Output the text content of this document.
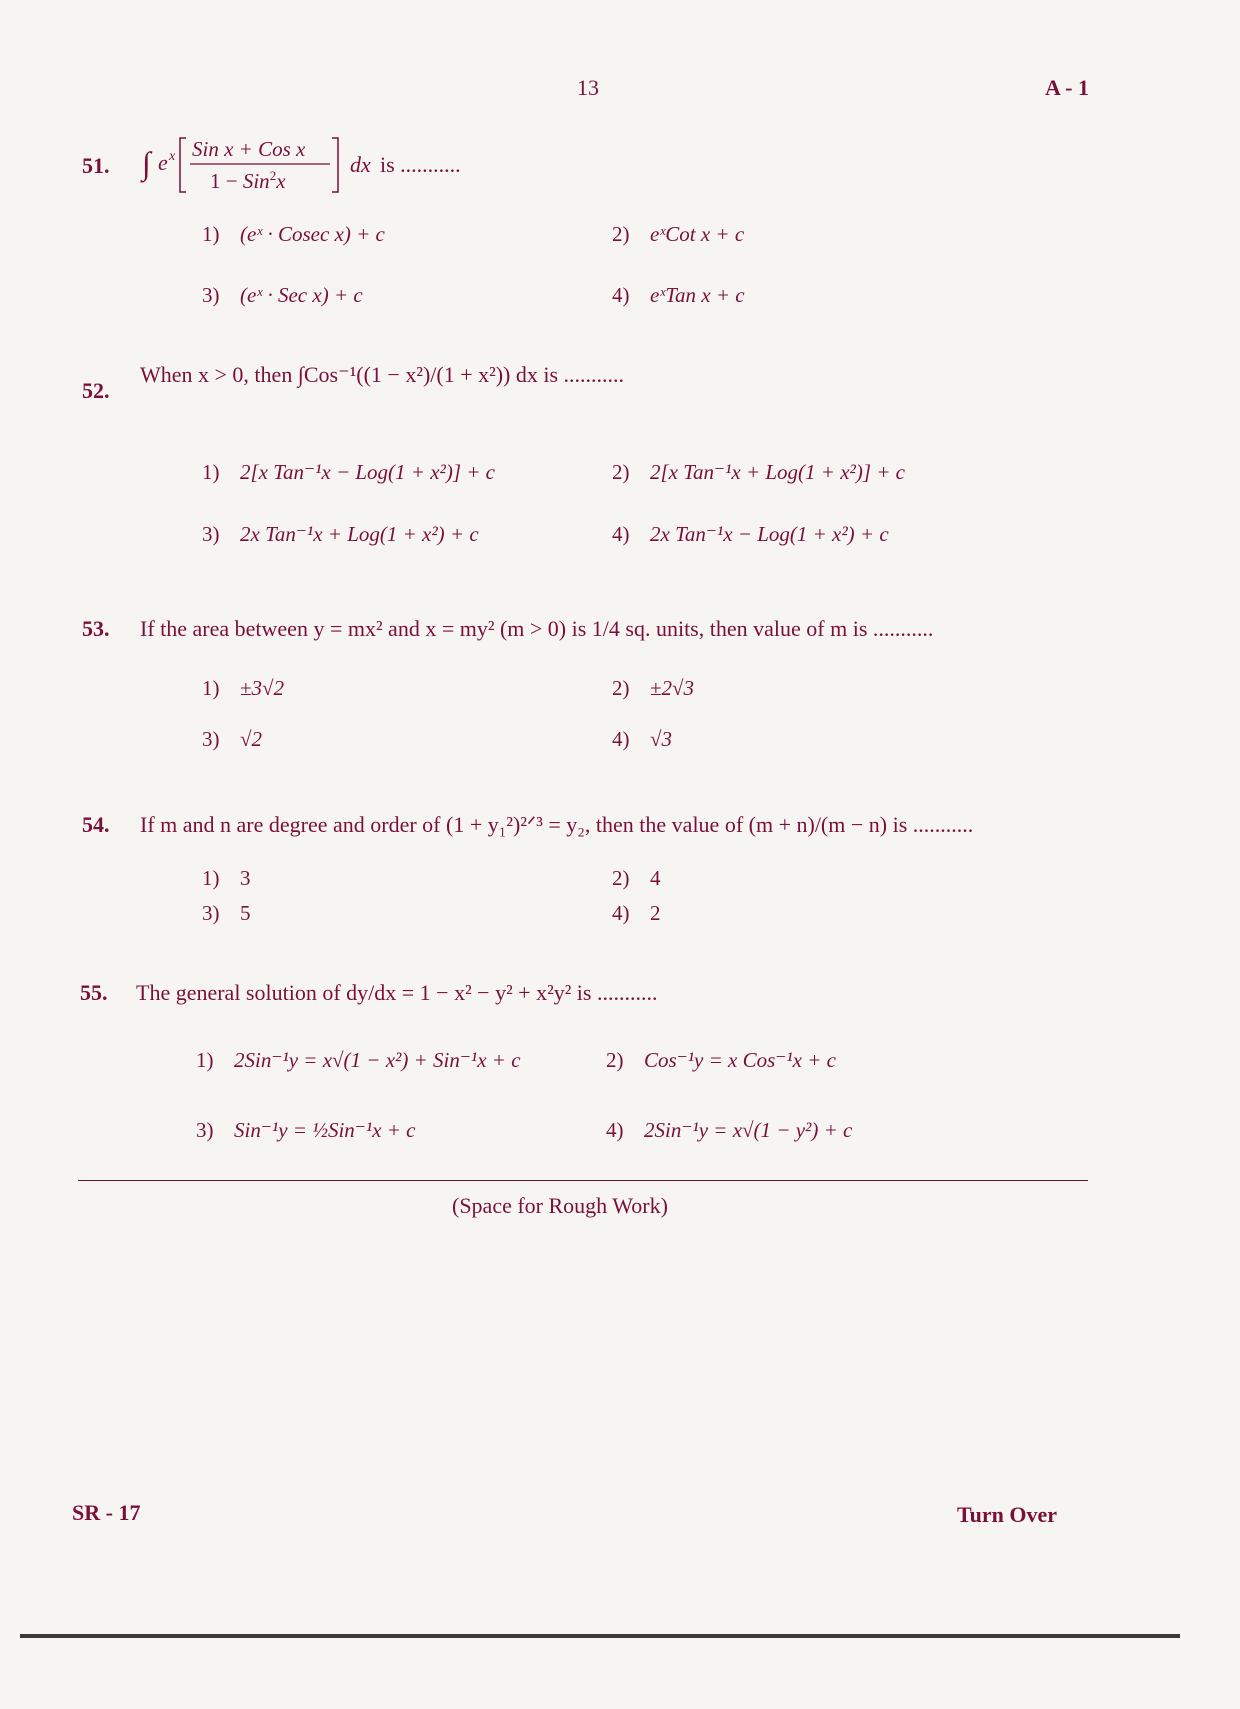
13	A - 1
51. ∫ e x Sin x + Cos x
1 − Sin$^2$x
dx is ...........
1) (eˣ · Cosec x) + c	2) eˣCot x + c
3) (eˣ · Sec x) + c	4) eˣTan x + c
52.
When x > 0, then ∫Cos⁻¹((1 − x²)/(1 + x²)) dx is ...........
1) 2[x Tan⁻¹x − Log(1 + x²)] + c	2) 2[x Tan⁻¹x + Log(1 + x²)] + c
3) 2x Tan⁻¹x + Log(1 + x²) + c	4) 2x Tan⁻¹x − Log(1 + x²) + c
53. If the area between y = mx² and x = my² (m > 0) is 1/4 sq. units, then value of m is ...........
1) ±3√2	2) ±2√3
3) √2	4) √3
54. If m and n are degree and order of (1 + y₁²)²ᐟ³ = y₂, then the value of (m + n)/(m − n) is ...........
1) 3	2) 4
3) 5	4) 2
55. The general solution of dy/dx = 1 − x² − y² + x²y² is ...........
1) 2Sin⁻¹y = x√(1 − x²) + Sin⁻¹x + c	2) Cos⁻¹y = x Cos⁻¹x + c
3) Sin⁻¹y = ½Sin⁻¹x + c	4) 2Sin⁻¹y = x√(1 − y²) + c
(Space for Rough Work)
SR - 17	Turn Over
